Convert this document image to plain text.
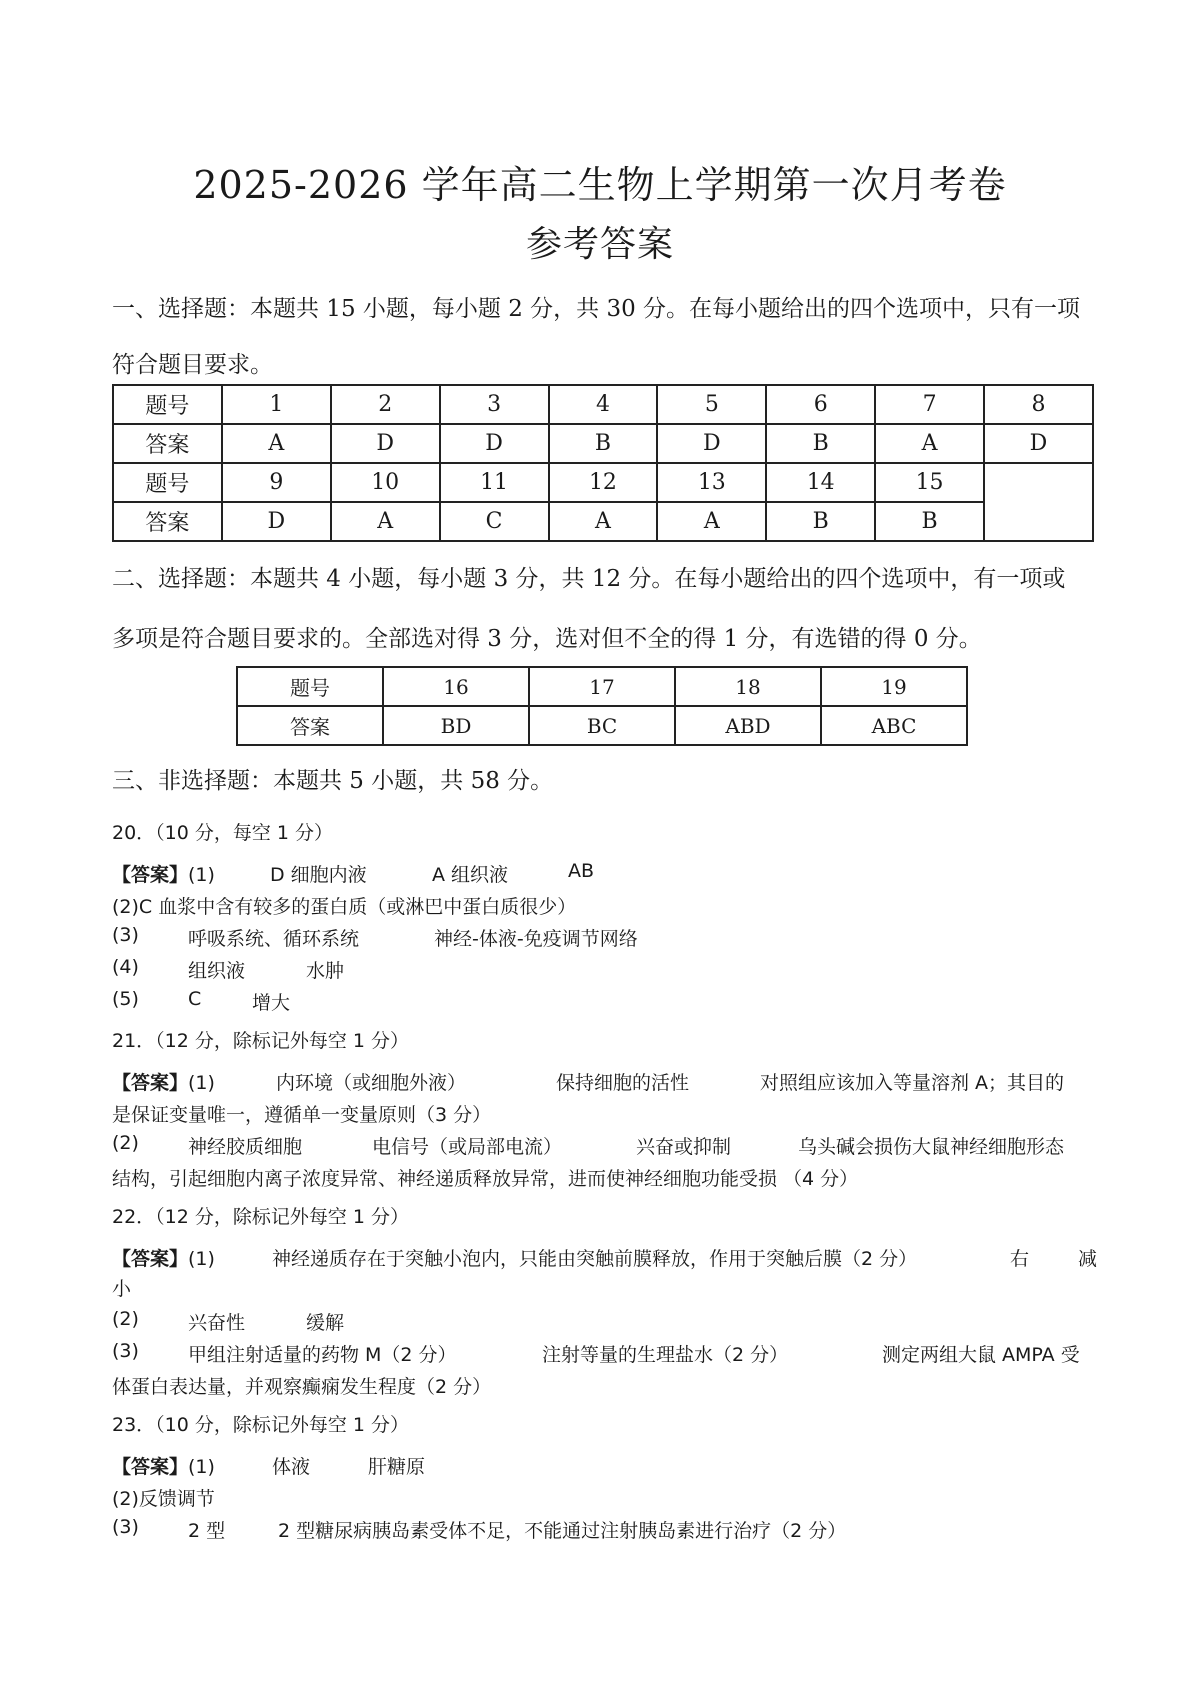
2025-2026 学年高二生物上学期第一次月考卷
参考答案
一、选择题：本题共 15 小题，每小题 2 分，共 30 分。在每小题给出的四个选项中，只有一项
符合题目要求。
题号	1	2	3	4	5	6	7	8
答案	A	D	D	B	D	B	A	D
题号	9	10	11	12	13	14	15	
答案	D	A	C	A	A	B	B	
二、选择题：本题共 4 小题，每小题 3 分，共 12 分。在每小题给出的四个选项中，有一项或
多项是符合题目要求的。全部选对得 3 分，选对但不全的得 1 分，有选错的得 0 分。
题号	16	17	18	19
答案	BD	BC	ABD	ABC
三、非选择题：本题共 5 小题，共 58 分。
20．（10 分，每空 1 分）
【答案】(1)	D 细胞内液	A 组织液	AB
(2)C 血浆中含有较多的蛋白质（或淋巴中蛋白质很少）
(3)	呼吸系统、循环系统	神经-体液-免疫调节网络
(4)	组织液	水肿
(5)	C	增大
21．（12 分，除标记外每空 1 分）
【答案】(1)	内环境（或细胞外液）	保持细胞的活性	对照组应该加入等量溶剂 A；其目的
是保证变量唯一，遵循单一变量原则（3 分）
(2)	神经胶质细胞	电信号（或局部电流）	兴奋或抑制	乌头碱会损伤大鼠神经细胞形态
结构，引起细胞内离子浓度异常、神经递质释放异常，进而使神经细胞功能受损 （4 分）
22．（12 分，除标记外每空 1 分）
【答案】(1)	神经递质存在于突触小泡内，只能由突触前膜释放，作用于突触后膜（2 分）	右	减
小
(2)	兴奋性	缓解
(3)	甲组注射适量的药物 M（2 分）	注射等量的生理盐水（2 分）	测定两组大鼠 AMPA 受
体蛋白表达量，并观察癫痫发生程度（2 分）
23．（10 分，除标记外每空 1 分）
【答案】(1)	体液	肝糖原
(2)反馈调节
(3)	2 型	2 型糖尿病胰岛素受体不足，不能通过注射胰岛素进行治疗（2 分）
